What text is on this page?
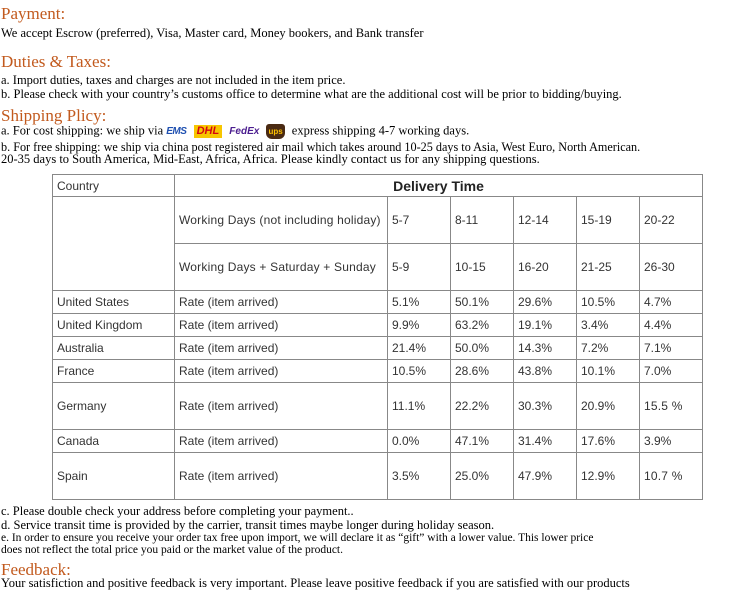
Payment:
We accept Escrow (preferred), Visa, Master card, Money bookers, and Bank transfer
Duties & Taxes:
a. Import duties, taxes and charges are not included in the item price.
b. Please check with your country’s customs office to determine what are the additional cost will be prior to bidding/buying.
Shipping Plicy:
a. For cost shipping: we ship via EMS DHL FedEx ups express shipping 4-7 working days.
b. For free shipping: we ship via china post registered air mail which takes around 10-25 days to Asia, West Euro, North American.
20-35 days to South America, Mid-East, Africa, Africa. Please kindly contact us for any shipping questions.
Country	Delivery Time					
	Working Days (not including holiday)	5-7	8-11	12-14	15-19	20-22
	Working Days + Saturday + Sunday	5-9	10-15	16-20	21-25	26-30
United States	Rate (item arrived)	5.1%	50.1%	29.6%	10.5%	4.7%
United Kingdom	Rate (item arrived)	9.9%	63.2%	19.1%	3.4%	4.4%
Australia	Rate (item arrived)	21.4%	50.0%	14.3%	7.2%	7.1%
France	Rate (item arrived)	10.5%	28.6%	43.8%	10.1%	7.0%
Germany	Rate (item arrived)	11.1%	22.2%	30.3%	20.9%	15.5 %
Canada	Rate (item arrived)	0.0%	47.1%	31.4%	17.6%	3.9%
Spain	Rate (item arrived)	3.5%	25.0%	47.9%	12.9%	10.7 %
c. Please double check your address before completing your payment..
d. Service transit time is provided by the carrier, transit times maybe longer during holiday season.
e. In order to ensure you receive your order tax free upon import, we will declare it as “gift” with a lower value. This lower price
does not reflect the total price you paid or the market value of the product.
Feedback:
Your satisfiction and positive feedback is very important. Please leave positive feedback if you are satisfied with our products
